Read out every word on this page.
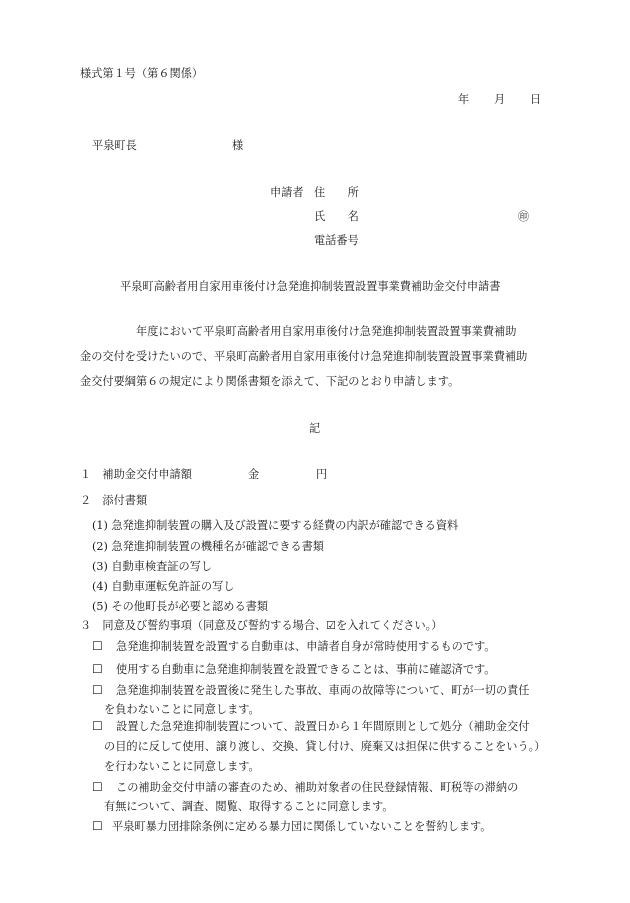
様式第１号（第６関係）
年 月 日
平泉町長	様
申請者 住　　所
氏　　名	㊞
電話番号
平泉町高齢者用自家用車後付け急発進抑制装置設置事業費補助金交付申請書
年度において平泉町高齢者用自家用車後付け急発進抑制装置設置事業費補助
金の交付を受けたいので、平泉町高齢者用自家用車後付け急発進抑制装置設置事業費補助
金交付要綱第６の規定により関係書類を添えて、下記のとおり申請します。
記
１　補助金交付申請額	金	円
２　添付書類
(1) 急発進抑制装置の購入及び設置に要する経費の内訳が確認できる資料
(2) 急発進抑制装置の機種名が確認できる書類
(3) 自動車検査証の写し
(4) 自動車運転免許証の写し
(5) その他町長が必要と認める書類
３　同意及び誓約事項（同意及び誓約する場合、☑を入れてください。）
☐ 急発進抑制装置を設置する自動車は、申請者自身が常時使用するものです。
☐ 使用する自動車に急発進抑制装置を設置できることは、事前に確認済です。
☐ 急発進抑制装置を設置後に発生した事故、車両の故障等について、町が一切の責任
を負わないことに同意します。
☐ 設置した急発進抑制装置について、設置日から１年間原則として処分（補助金交付
の目的に反して使用、譲り渡し、交換、貸し付け、廃棄又は担保に供することをいう。）
を行わないことに同意します。
☐ この補助金交付申請の審査のため、補助対象者の住民登録情報、町税等の滞納の
有無について、調査、閲覧、取得することに同意します。
☐ 平泉町暴力団排除条例に定める暴力団に関係していないことを誓約します。
